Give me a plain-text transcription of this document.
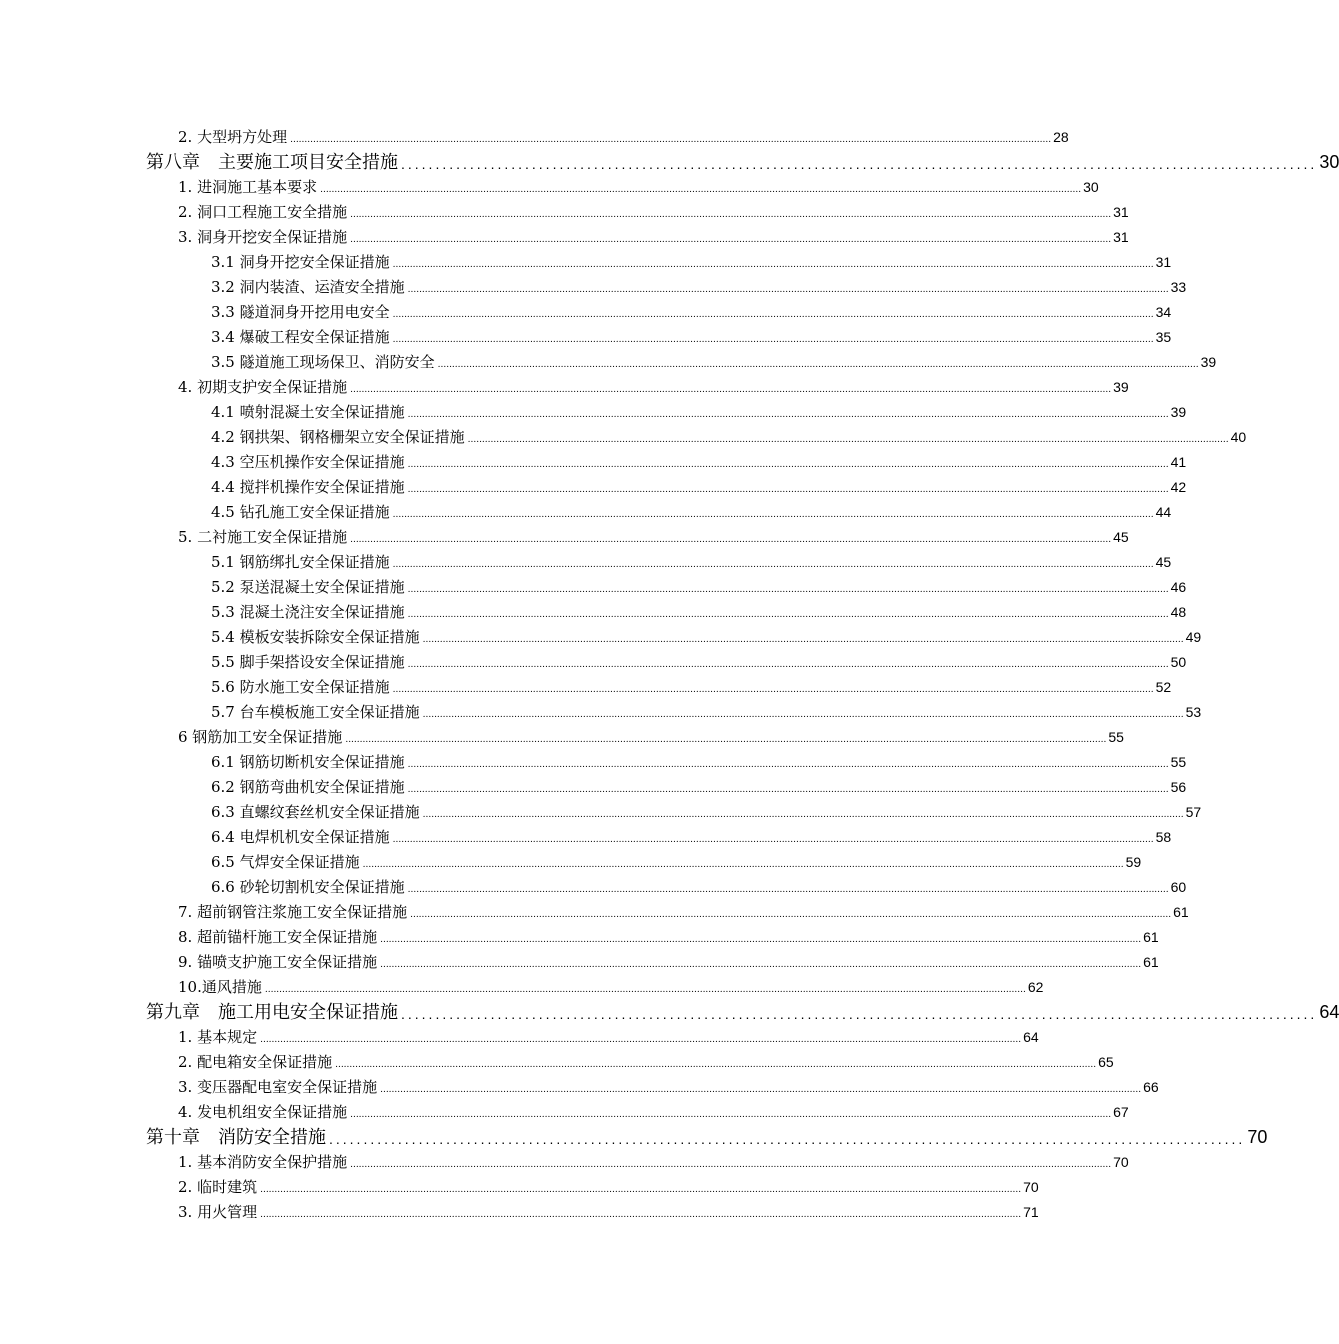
2. 大型坍方处理 .......................................................................................................................................................................................................................................................................... 28
第八章　主要施工项目安全措施 ..................................................................................................................................... 30
1. 进洞施工基本要求 .......................................................................................................................................................................................................................................................................... 30
2. 洞口工程施工安全措施 .......................................................................................................................................................................................................................................................................... 31
3. 洞身开挖安全保证措施 .......................................................................................................................................................................................................................................................................... 31
3.1 洞身开挖安全保证措施 .......................................................................................................................................................................................................................................................................... 31
3.2 洞内装渣、运渣安全措施 .......................................................................................................................................................................................................................................................................... 33
3.3 隧道洞身开挖用电安全 .......................................................................................................................................................................................................................................................................... 34
3.4 爆破工程安全保证措施 .......................................................................................................................................................................................................................................................................... 35
3.5 隧道施工现场保卫、消防安全 .......................................................................................................................................................................................................................................................................... 39
4. 初期支护安全保证措施 .......................................................................................................................................................................................................................................................................... 39
4.1 喷射混凝土安全保证措施 .......................................................................................................................................................................................................................................................................... 39
4.2 钢拱架、钢格栅架立安全保证措施 .......................................................................................................................................................................................................................................................................... 40
4.3 空压机操作安全保证措施 .......................................................................................................................................................................................................................................................................... 41
4.4 搅拌机操作安全保证措施 .......................................................................................................................................................................................................................................................................... 42
4.5 钻孔施工安全保证措施 .......................................................................................................................................................................................................................................................................... 44
5. 二衬施工安全保证措施 .......................................................................................................................................................................................................................................................................... 45
5.1 钢筋绑扎安全保证措施 .......................................................................................................................................................................................................................................................................... 45
5.2 泵送混凝土安全保证措施 .......................................................................................................................................................................................................................................................................... 46
5.3 混凝土浇注安全保证措施 .......................................................................................................................................................................................................................................................................... 48
5.4 模板安装拆除安全保证措施 .......................................................................................................................................................................................................................................................................... 49
5.5 脚手架搭设安全保证措施 .......................................................................................................................................................................................................................................................................... 50
5.6 防水施工安全保证措施 .......................................................................................................................................................................................................................................................................... 52
5.7 台车模板施工安全保证措施 .......................................................................................................................................................................................................................................................................... 53
6 钢筋加工安全保证措施 .......................................................................................................................................................................................................................................................................... 55
6.1 钢筋切断机安全保证措施 .......................................................................................................................................................................................................................................................................... 55
6.2 钢筋弯曲机安全保证措施 .......................................................................................................................................................................................................................................................................... 56
6.3 直螺纹套丝机安全保证措施 .......................................................................................................................................................................................................................................................................... 57
6.4 电焊机机安全保证措施 .......................................................................................................................................................................................................................................................................... 58
6.5 气焊安全保证措施 .......................................................................................................................................................................................................................................................................... 59
6.6 砂轮切割机安全保证措施 .......................................................................................................................................................................................................................................................................... 60
7. 超前钢管注浆施工安全保证措施 .......................................................................................................................................................................................................................................................................... 61
8. 超前锚杆施工安全保证措施 .......................................................................................................................................................................................................................................................................... 61
9. 锚喷支护施工安全保证措施 .......................................................................................................................................................................................................................................................................... 61
10.通风措施 .......................................................................................................................................................................................................................................................................... 62
第九章　施工用电安全保证措施 ..................................................................................................................................... 64
1. 基本规定 .......................................................................................................................................................................................................................................................................... 64
2. 配电箱安全保证措施 .......................................................................................................................................................................................................................................................................... 65
3. 变压器配电室安全保证措施 .......................................................................................................................................................................................................................................................................... 66
4. 发电机组安全保证措施 .......................................................................................................................................................................................................................................................................... 67
第十章　消防安全措施 ..................................................................................................................................... 70
1. 基本消防安全保护措施 .......................................................................................................................................................................................................................................................................... 70
2. 临时建筑 .......................................................................................................................................................................................................................................................................... 70
3. 用火管理 .......................................................................................................................................................................................................................................................................... 71
